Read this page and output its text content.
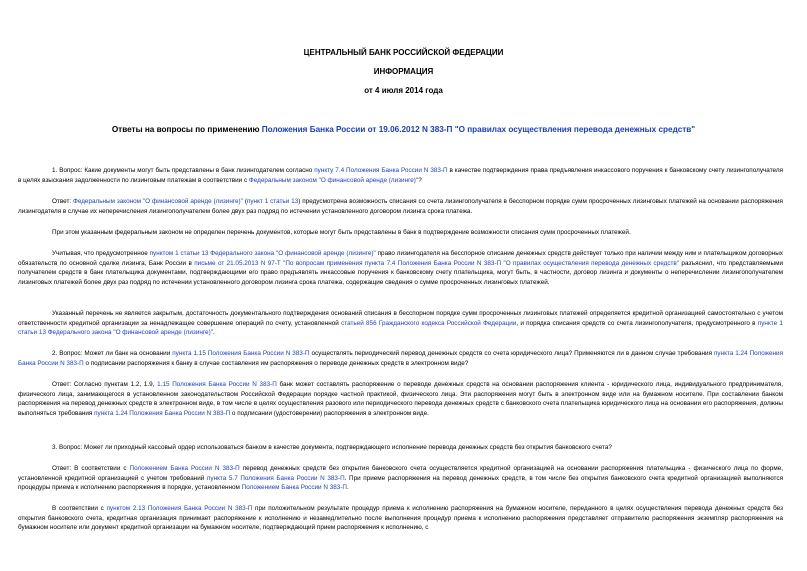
ЦЕНТРАЛЬНЫЙ БАНК РОССИЙСКОЙ ФЕДЕРАЦИИ
ИНФОРМАЦИЯ
от 4 июля 2014 года
Ответы на вопросы по применению Положения Банка России от 19.06.2012 N 383-П "О правилах осуществления перевода денежных средств"
1. Вопрос: Какие документы могут быть представлены в банк лизингодателем согласно пункту 7.4 Положения Банка России N 383-П в качестве подтверждения права предъявления инкассового поручения к банковскому счету лизингополучателя в целях взыскания задолженности по лизинговым платежам в соответствии с Федеральным законом "О финансовой аренде (лизинге)"?
Ответ: Федеральным законом "О финансовой аренде (лизинге)" (пункт 1 статьи 13) предусмотрена возможность списания со счета лизингополучателя в бесспорном порядке сумм просроченных лизинговых платежей на основании распоряжения лизингодателя в случае их неперечисления лизингополучателем более двух раз подряд по истечении установленного договором лизинга срока платежа.
При этом указанным федеральным законом не определен перечень документов, которые могут быть представлены в банк в подтверждение возможности списания сумм просроченных платежей.
Учитывая, что предусмотренное пунктом 1 статьи 13 Федерального закона "О финансовой аренде (лизинге)" право лизингодателя на бесспорное списание денежных средств действует только при наличии между ним и плательщиком договорных обязательств по основной сделке лизинга, Банк России в письме от 21.05.2013 N 97-Т "По вопросам применения пункта 7.4 Положения Банка России N 383-П "О правилах осуществления перевода денежных средств" разъяснил, что представляемыми получателем средств в банк плательщика документами, подтверждающими его право предъявлять инкассовые поручения к банковскому счету плательщика, могут быть, в частности, договор лизинга и документы о неперечислении лизингополучателем лизинговых платежей более двух раз подряд по истечении установленного договором лизинга срока платежа, содержащие сведения о сумме просроченных лизинговых платежей.
Указанный перечень не является закрытым, достаточность документального подтверждения оснований списания в бесспорном порядке сумм просроченных лизинговых платежей определяется кредитной организацией самостоятельно с учетом ответственности кредитной организации за ненадлежащее совершение операций по счету, установленной статьей 856 Гражданского кодекса Российской Федерации, и порядка списания средств со счета лизингополучателя, предусмотренного в пункте 1 статьи 13 Федерального закона "О финансовой аренде (лизинге)".
2. Вопрос: Может ли банк на основании пункта 1.15 Положения Банка России N 383-П осуществлять периодический перевод денежных средств со счета юридического лица? Применяются ли в данном случае требования пункта 1.24 Положения Банка России N 383-П о подписании распоряжения к банку в случае составления им распоряжения о переводе денежных средств в электронном виде?
Ответ: Согласно пунктам 1.2, 1.9, 1.15 Положения Банка России N 383-П банк может составлять распоряжение о переводе денежных средств на основании распоряжения клиента - юридического лица, индивидуального предпринимателя, физического лица, занимающегося в установленном законодательством Российской Федерации порядке частной практикой, физического лица. Эти распоряжения могут быть в электронном виде или на бумажном носителе. При составлении банком распоряжения на перевод денежных средств в электронном виде, в том числе в целях осуществления разового или периодического перевода денежных средств с банковского счета плательщика юридического лица на основании его распоряжения, должны выполняться требования пункта 1.24 Положения Банка России N 383-П о подписании (удостоверении) распоряжения в электронном виде.
3. Вопрос: Может ли приходный кассовый ордер использоваться банком в качестве документа, подтверждающего исполнение перевода денежных средств без открытия банковского счета?
Ответ: В соответствии с Положением Банка России N 383-П перевод денежных средств без открытия банковского счета осуществляется кредитной организацией на основании распоряжения плательщика - физического лица по форме, установленной кредитной организацией с учетом требований пункта 5.7 Положения Банка России N 383-П. При приеме распоряжения на перевод денежных средств, в том числе без открытия банковского счета кредитной организацией выполняются процедуры приема к исполнению распоряжения в порядке, установленном Положением Банка России N 383-П.
В соответствии с пунктом 2.13 Положения Банка России N 383-П при положительном результате процедур приема к исполнению распоряжения на бумажном носителе, переданного в целях осуществления перевода денежных средств без открытия банковского счета, кредитная организация принимает распоряжение к исполнению и незамедлительно после выполнения процедур приема к исполнению распоряжения представляет отправителю распоряжения экземпляр распоряжения на бумажном носителе или документ кредитной организации на бумажном носителе, подтверждающий прием распоряжения к исполнению, с
